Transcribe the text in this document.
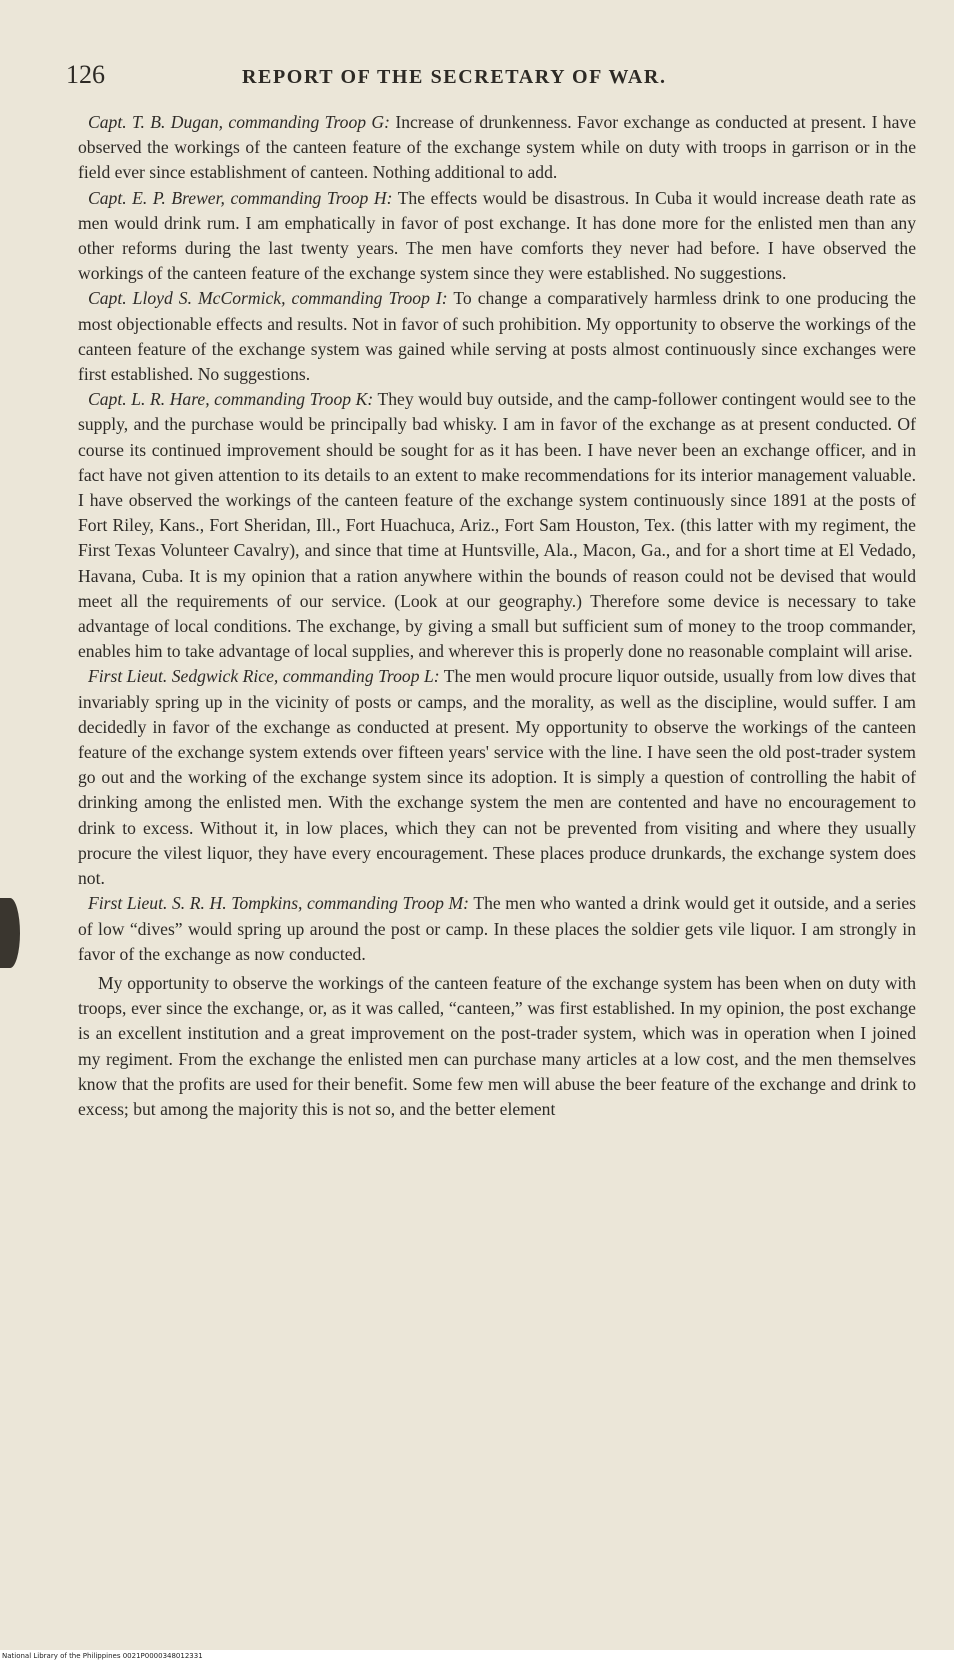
126	REPORT OF THE SECRETARY OF WAR.

Capt. T. B. Dugan, commanding Troop G: Increase of drunkenness. Favor exchange as conducted at present. I have observed the workings of the canteen feature of the exchange system while on duty with troops in garrison or in the field ever since establishment of canteen. Nothing additional to add.

Capt. E. P. Brewer, commanding Troop H: The effects would be disastrous. In Cuba it would increase death rate as men would drink rum. I am emphatically in favor of post exchange. It has done more for the enlisted men than any other reforms during the last twenty years. The men have comforts they never had before. I have observed the workings of the canteen feature of the exchange system since they were established. No suggestions.

Capt. Lloyd S. McCormick, commanding Troop I: To change a comparatively harmless drink to one producing the most objectionable effects and results. Not in favor of such prohibition. My opportunity to observe the workings of the canteen feature of the exchange system was gained while serving at posts almost continuously since exchanges were first established. No suggestions.

Capt. L. R. Hare, commanding Troop K: They would buy outside, and the camp-follower contingent would see to the supply, and the purchase would be principally bad whisky. I am in favor of the exchange as at present conducted. Of course its continued improvement should be sought for as it has been. I have never been an exchange officer, and in fact have not given attention to its details to an extent to make recommendations for its interior management valuable. I have observed the workings of the canteen feature of the exchange system continuously since 1891 at the posts of Fort Riley, Kans., Fort Sheridan, Ill., Fort Huachuca, Ariz., Fort Sam Houston, Tex. (this latter with my regiment, the First Texas Volunteer Cavalry), and since that time at Huntsville, Ala., Macon, Ga., and for a short time at El Vedado, Havana, Cuba. It is my opinion that a ration anywhere within the bounds of reason could not be devised that would meet all the requirements of our service. (Look at our geography.) Therefore some device is necessary to take advantage of local conditions. The exchange, by giving a small but sufficient sum of money to the troop commander, enables him to take advantage of local supplies, and wherever this is properly done no reasonable complaint will arise.

First Lieut. Sedgwick Rice, commanding Troop L: The men would procure liquor outside, usually from low dives that invariably spring up in the vicinity of posts or camps, and the morality, as well as the discipline, would suffer. I am decidedly in favor of the exchange as conducted at present. My opportunity to observe the workings of the canteen feature of the exchange system extends over fifteen years' service with the line. I have seen the old post-trader system go out and the working of the exchange system since its adoption. It is simply a question of controlling the habit of drinking among the enlisted men. With the exchange system the men are contented and have no encouragement to drink to excess. Without it, in low places, which they can not be prevented from visiting and where they usually procure the vilest liquor, they have every encouragement. These places produce drunkards, the exchange system does not.

First Lieut. S. R. H. Tompkins, commanding Troop M: The men who wanted a drink would get it outside, and a series of low “dives” would spring up around the post or camp. In these places the soldier gets vile liquor. I am strongly in favor of the exchange as now conducted.

My opportunity to observe the workings of the canteen feature of the exchange system has been when on duty with troops, ever since the exchange, or, as it was called, “canteen,” was first established. In my opinion, the post exchange is an excellent institution and a great improvement on the post-trader system, which was in operation when I joined my regiment. From the exchange the enlisted men can purchase many articles at a low cost, and the men themselves know that the profits are used for their benefit. Some few men will abuse the beer feature of the exchange and drink to excess; but among the majority this is not so, and the better element

National Library of the Philippines 0021P0000348012331
